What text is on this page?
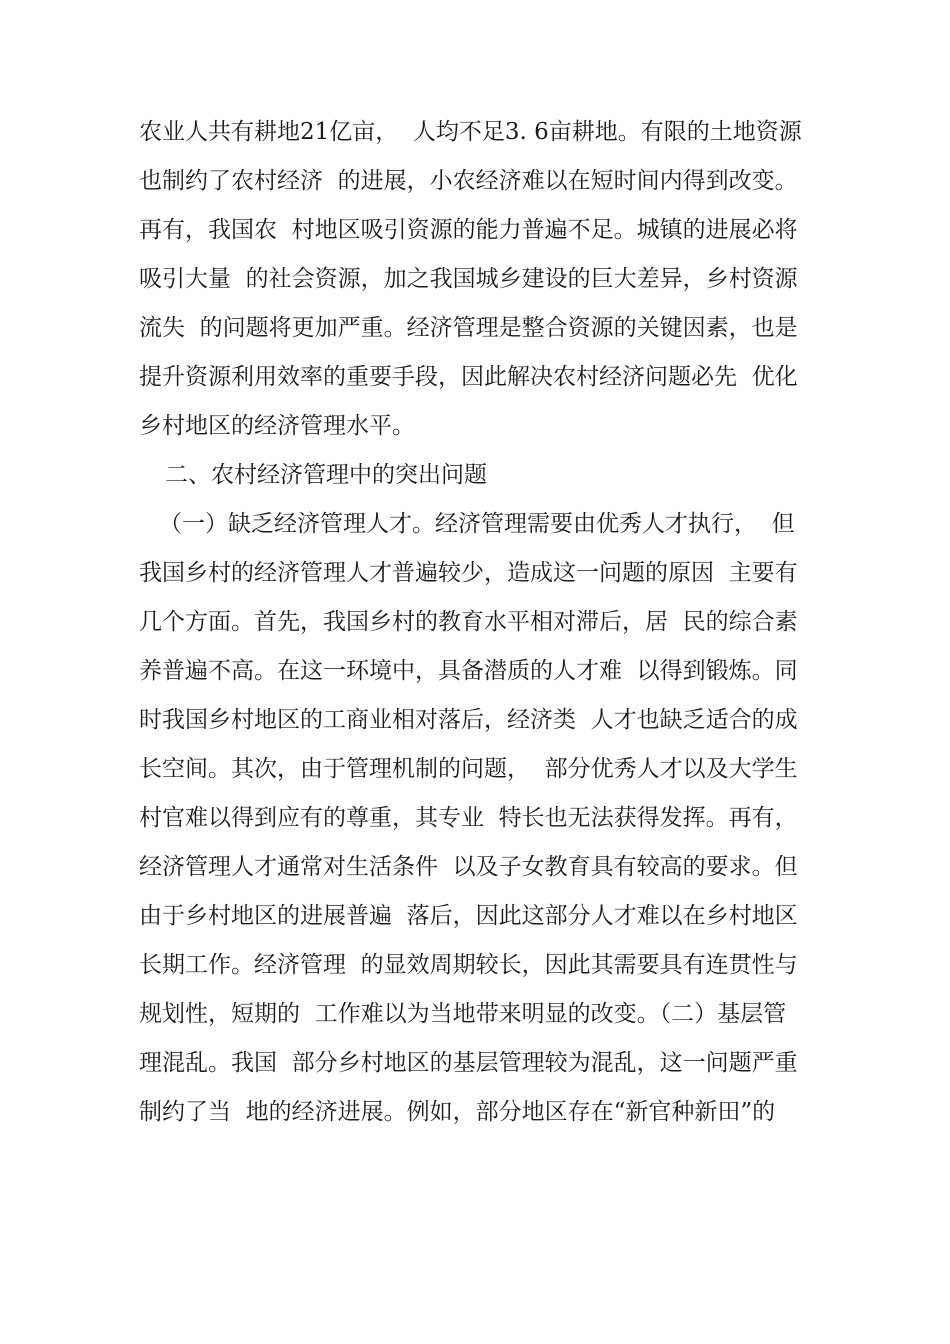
农业人共有耕地21亿亩，  人均不足3. 6亩耕地。有限的土地资源
也制约了农村经济  的进展，小农经济难以在短时间内得到改变。
再有，我国农  村地区吸引资源的能力普遍不足。城镇的进展必将
吸引大量  的社会资源，加之我国城乡建设的巨大差异，乡村资源
流失  的问题将更加严重。经济管理是整合资源的关键因素，也是
提升资源利用效率的重要手段，因此解决农村经济问题必先  优化
乡村地区的经济管理水平。
二、农村经济管理中的突出问题
（一）缺乏经济管理人才。经济管理需要由优秀人才执行，  但
我国乡村的经济管理人才普遍较少，造成这一问题的原因  主要有
几个方面。首先，我国乡村的教育水平相对滞后，居  民的综合素
养普遍不高。在这一环境中，具备潜质的人才难  以得到锻炼。同
时我国乡村地区的工商业相对落后，经济类  人才也缺乏适合的成
长空间。其次，由于管理机制的问题，  部分优秀人才以及大学生
村官难以得到应有的尊重，其专业  特长也无法获得发挥。再有，
经济管理人才通常对生活条件  以及子女教育具有较高的要求。但
由于乡村地区的进展普遍  落后，因此这部分人才难以在乡村地区
长期工作。经济管理  的显效周期较长，因此其需要具有连贯性与
规划性，短期的  工作难以为当地带来明显的改变。（二）基层管
理混乱。我国  部分乡村地区的基层管理较为混乱，这一问题严重
制约了当  地的经济进展。例如，部分地区存在“新官种新田”的
